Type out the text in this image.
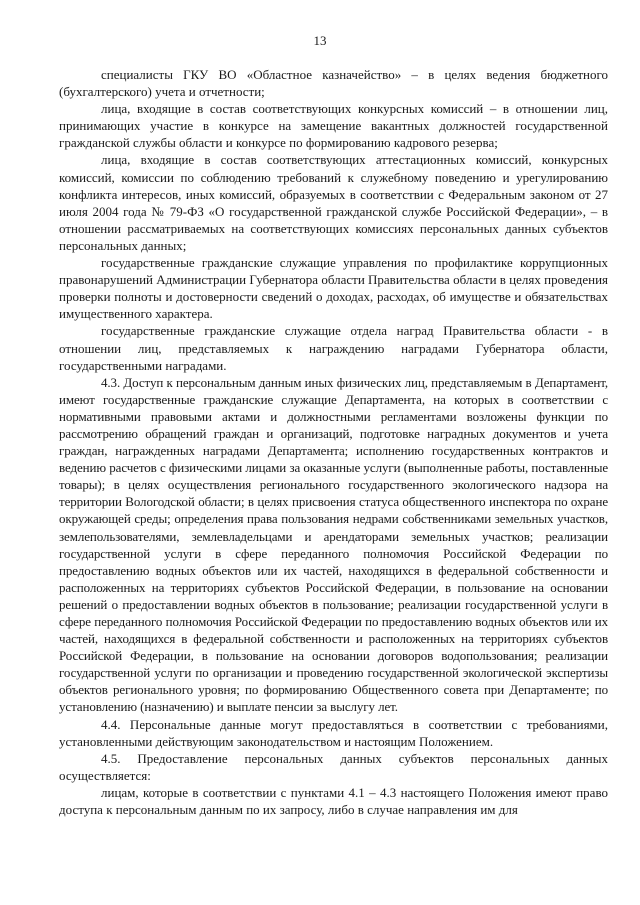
13

специалисты ГКУ ВО «Областное казначейство» – в целях ведения бюджетного (бухгалтерского) учета и отчетности;

лица, входящие в состав соответствующих конкурсных комиссий – в отношении лиц, принимающих участие в конкурсе на замещение вакантных должностей государственной гражданской службы области и конкурсе по формированию кадрового резерва;

лица, входящие в состав соответствующих аттестационных комиссий, конкурсных комиссий, комиссии по соблюдению требований к служебному поведению и урегулированию конфликта интересов, иных комиссий, образуемых в соответствии с Федеральным законом от 27 июля 2004 года № 79-ФЗ «О государственной гражданской службе Российской Федерации», – в отношении рассматриваемых на соответствующих комиссиях персональных данных субъектов персональных данных;

государственные гражданские служащие управления по профилактике коррупционных правонарушений Администрации Губернатора области Правительства области в целях проведения проверки полноты и достоверности сведений о доходах, расходах, об имуществе и обязательствах имущественного характера.

государственные гражданские служащие отдела наград Правительства области - в отношении лиц, представляемых к награждению наградами Губернатора области, государственными наградами.

4.3. Доступ к персональным данным иных физических лиц, представляемым в Департамент, имеют государственные гражданские служащие Департамента, на которых в соответствии с нормативными правовыми актами и должностными регламентами возложены функции по рассмотрению обращений граждан и организаций, подготовке наградных документов и учета граждан, награжденных наградами Департамента; исполнению государственных контрактов и ведению расчетов с физическими лицами за оказанные услуги (выполненные работы, поставленные товары); в целях осуществления регионального государственного экологического надзора на территории Вологодской области; в целях присвоения статуса общественного инспектора по охране окружающей среды; определения права пользования недрами собственниками земельных участков, землепользователями, землевладельцами и арендаторами земельных участков; реализации государственной услуги в сфере переданного полномочия Российской Федерации по предоставлению водных объектов или их частей, находящихся в федеральной собственности и расположенных на территориях субъектов Российской Федерации, в пользование на основании решений о предоставлении водных объектов в пользование; реализации государственной услуги в сфере переданного полномочия Российской Федерации по предоставлению водных объектов или их частей, находящихся в федеральной собственности и расположенных на территориях субъектов Российской Федерации, в пользование на основании договоров водопользования; реализации государственной услуги по организации и проведению государственной экологической экспертизы объектов регионального уровня; по формированию Общественного совета при Департаменте; по установлению (назначению) и выплате пенсии за выслугу лет.

4.4. Персональные данные могут предоставляться в соответствии с требованиями, установленными действующим законодательством и настоящим Положением.

4.5. Предоставление персональных данных субъектов персональных данных осуществляется:

лицам, которые в соответствии с пунктами 4.1 – 4.3 настоящего Положения имеют право доступа к персональным данным по их запросу, либо в случае направления им для
